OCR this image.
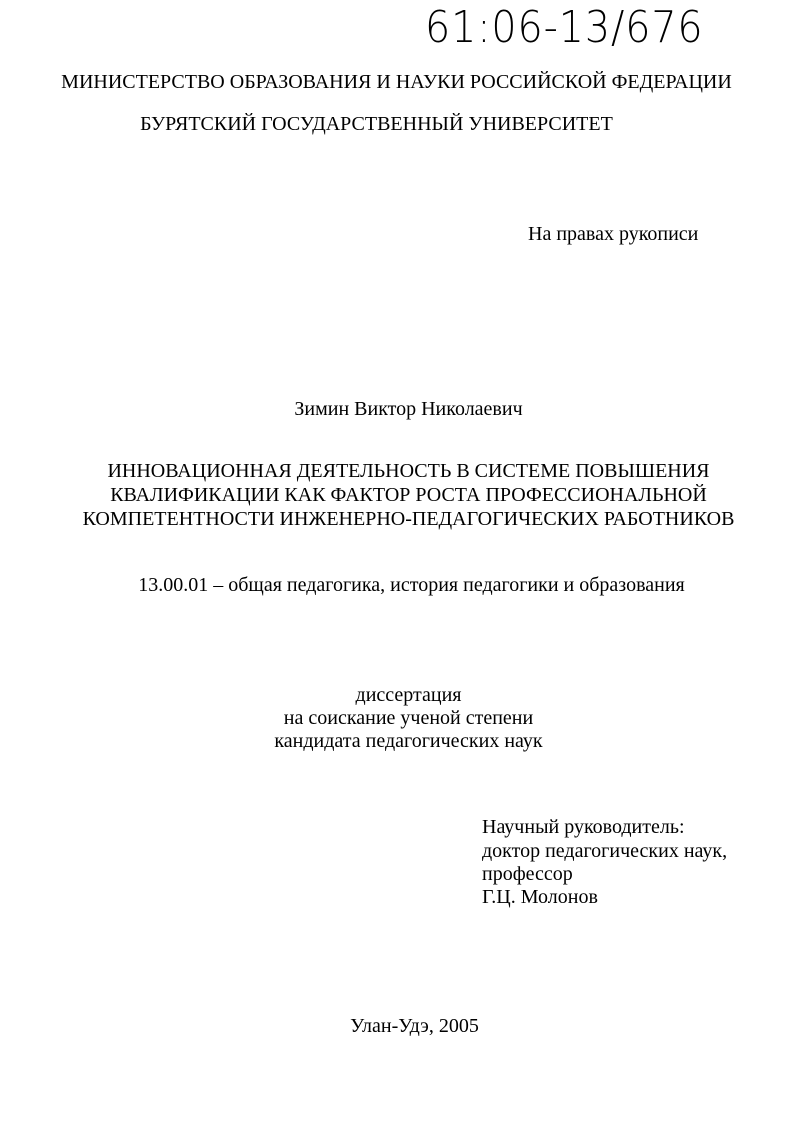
61:06-13/676
МИНИСТЕРСТВО ОБРАЗОВАНИЯ И НАУКИ РОССИЙСКОЙ ФЕДЕРАЦИИ
БУРЯТСКИЙ ГОСУДАРСТВЕННЫЙ УНИВЕРСИТЕТ
На правах рукописи
Зимин Виктор Николаевич
ИННОВАЦИОННАЯ ДЕЯТЕЛЬНОСТЬ В СИСТЕМЕ ПОВЫШЕНИЯ
КВАЛИФИКАЦИИ КАК ФАКТОР РОСТА ПРОФЕССИОНАЛЬНОЙ
КОМПЕТЕНТНОСТИ ИНЖЕНЕРНО-ПЕДАГОГИЧЕСКИХ РАБОТНИКОВ
13.00.01 – общая педагогика, история педагогики и образования
диссертация
на соискание ученой степени
кандидата педагогических наук
Научный руководитель:
доктор педагогических наук,
профессор
Г.Ц. Молонов
Улан-Удэ, 2005
